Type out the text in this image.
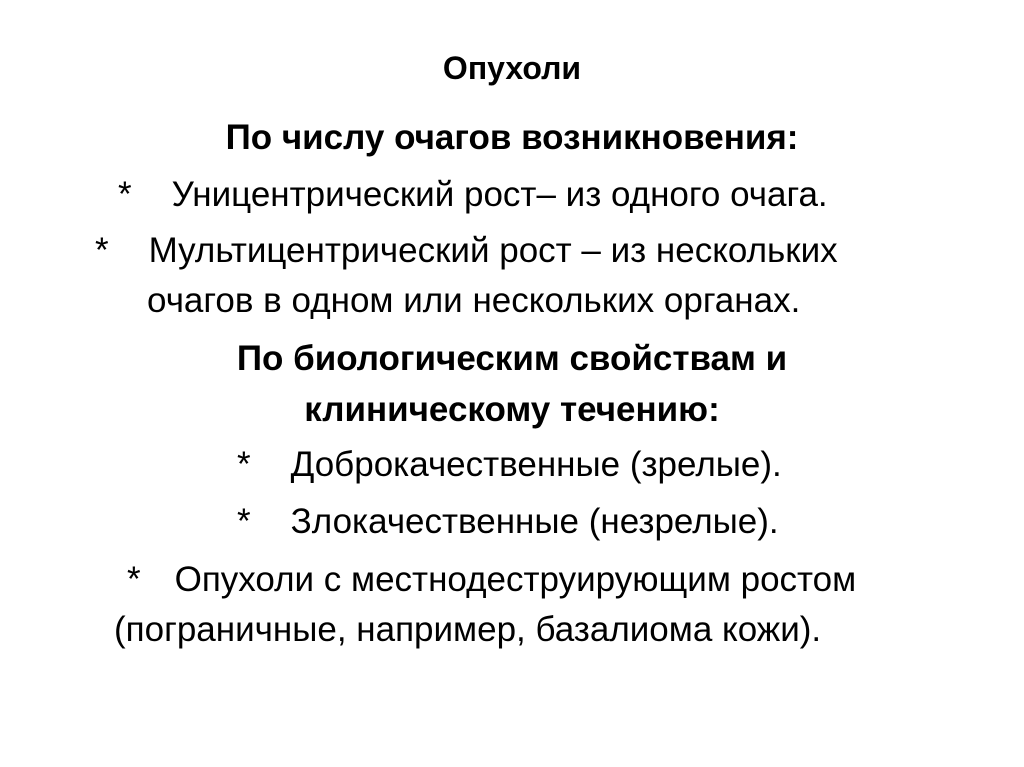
Опухоли
По числу очагов возникновения:
* Уницентрический рост– из одного очага.
* Мультицентрический рост – из нескольких
очагов в одном или нескольких органах.
По биологическим свойствам и
клиническому течению:
* Доброкачественные (зрелые).
* Злокачественные (незрелые).
* Опухоли с местнодеструирующим ростом
(пограничные, например, базалиома кожи).
